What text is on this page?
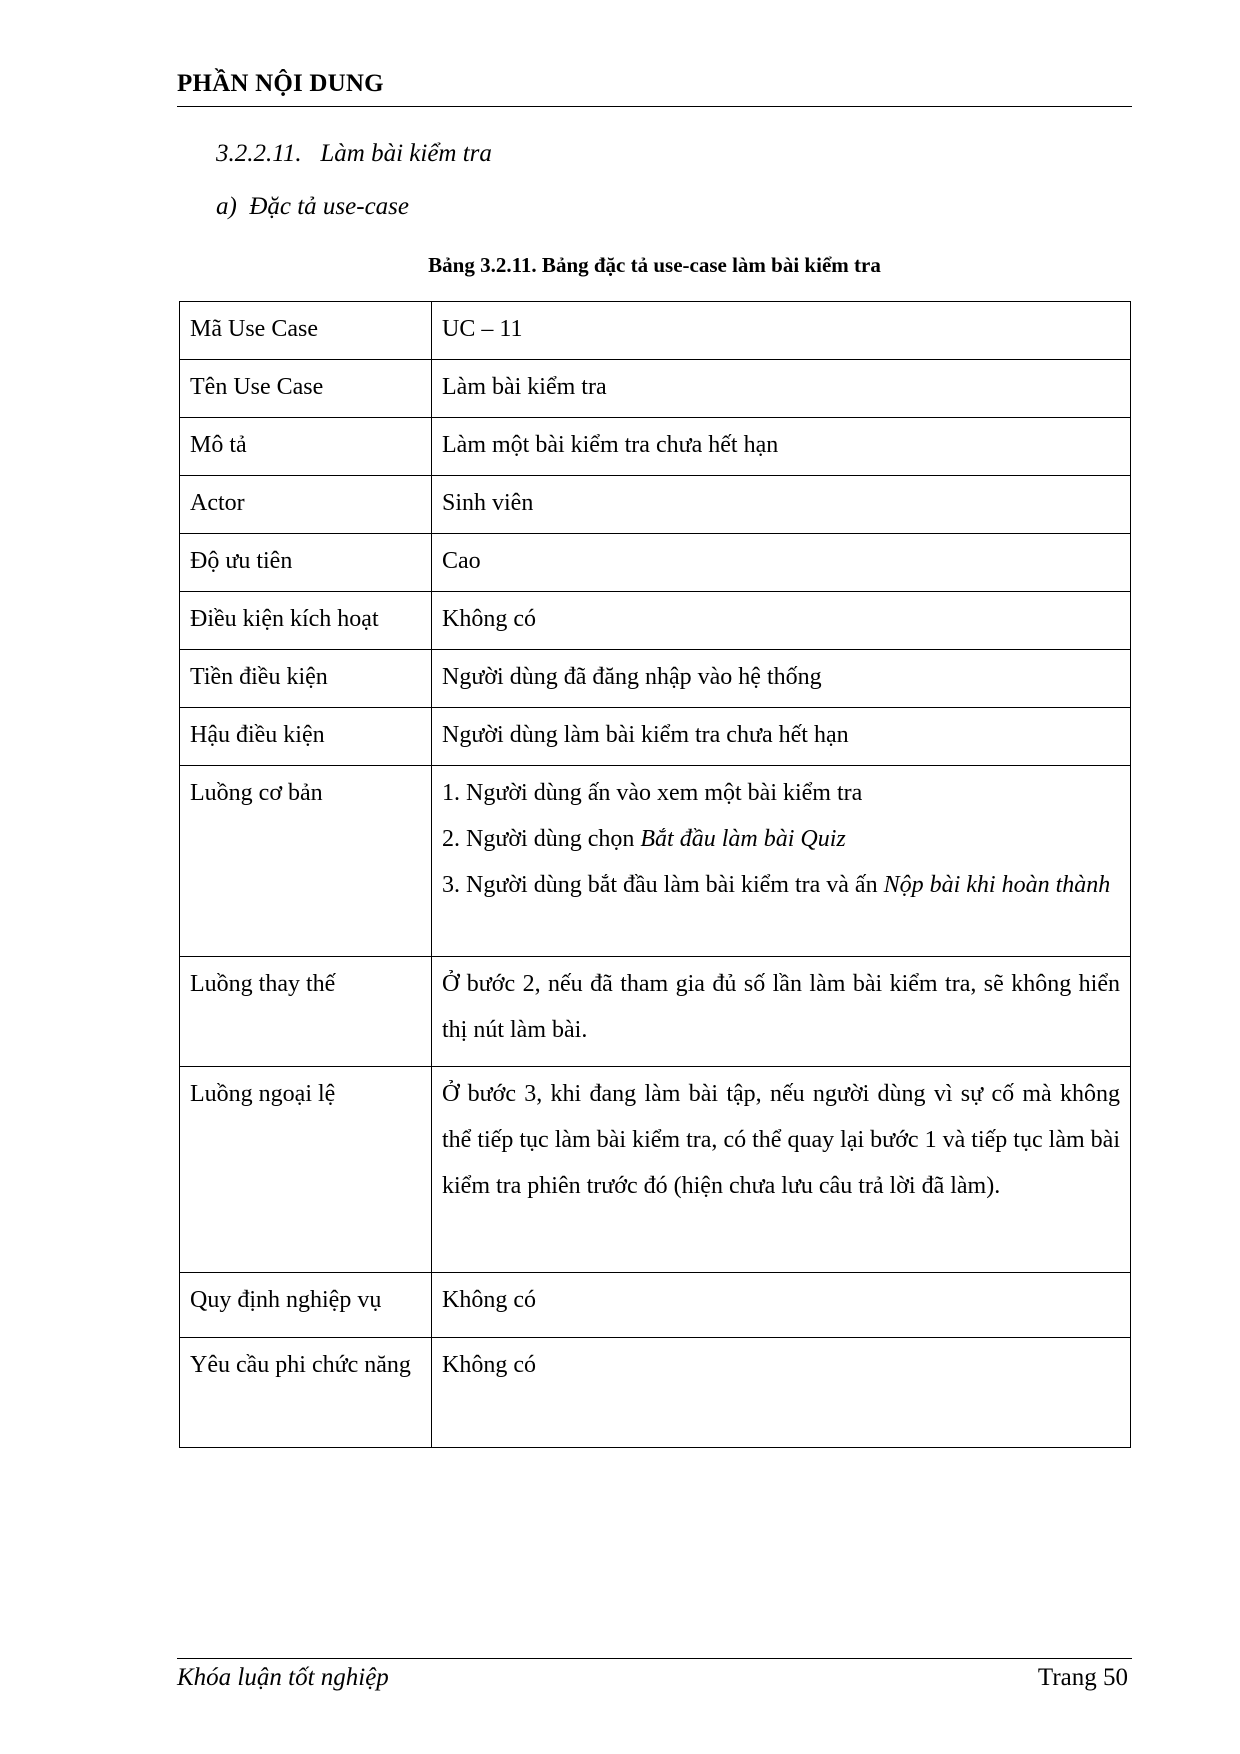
PHẦN NỘI DUNG
3.2.2.11.   Làm bài kiểm tra
a)  Đặc tả use-case
Bảng 3.2.11. Bảng đặc tả use-case làm bài kiểm tra
Mã Use Case	UC – 11
Tên Use Case	Làm bài kiểm tra
Mô tả	Làm một bài kiểm tra chưa hết hạn
Actor	Sinh viên
Độ ưu tiên	Cao
Điều kiện kích hoạt	Không có
Tiền điều kiện	Người dùng đã đăng nhập vào hệ thống
Hậu điều kiện	Người dùng làm bài kiểm tra chưa hết hạn
Luồng cơ bản	1. Người dùng ấn vào xem một bài kiểm tra
2. Người dùng chọn Bắt đầu làm bài Quiz
3. Người dùng bắt đầu làm bài kiểm tra và ấn Nộp bài khi hoàn thành

Luồng thay thế	Ở bước 2, nếu đã tham gia đủ số lần làm bài kiểm tra, sẽ không hiển thị nút làm bài.
Luồng ngoại lệ	Ở bước 3, khi đang làm bài tập, nếu người dùng vì sự cố mà không thể tiếp tục làm bài kiểm tra, có thể quay lại bước 1 và tiếp tục làm bài kiểm tra phiên trước đó (hiện chưa lưu câu trả lời đã làm).
Quy định nghiệp vụ	Không có
Yêu cầu phi chức năng	Không có
Khóa luận tốt nghiệp	Trang 50
